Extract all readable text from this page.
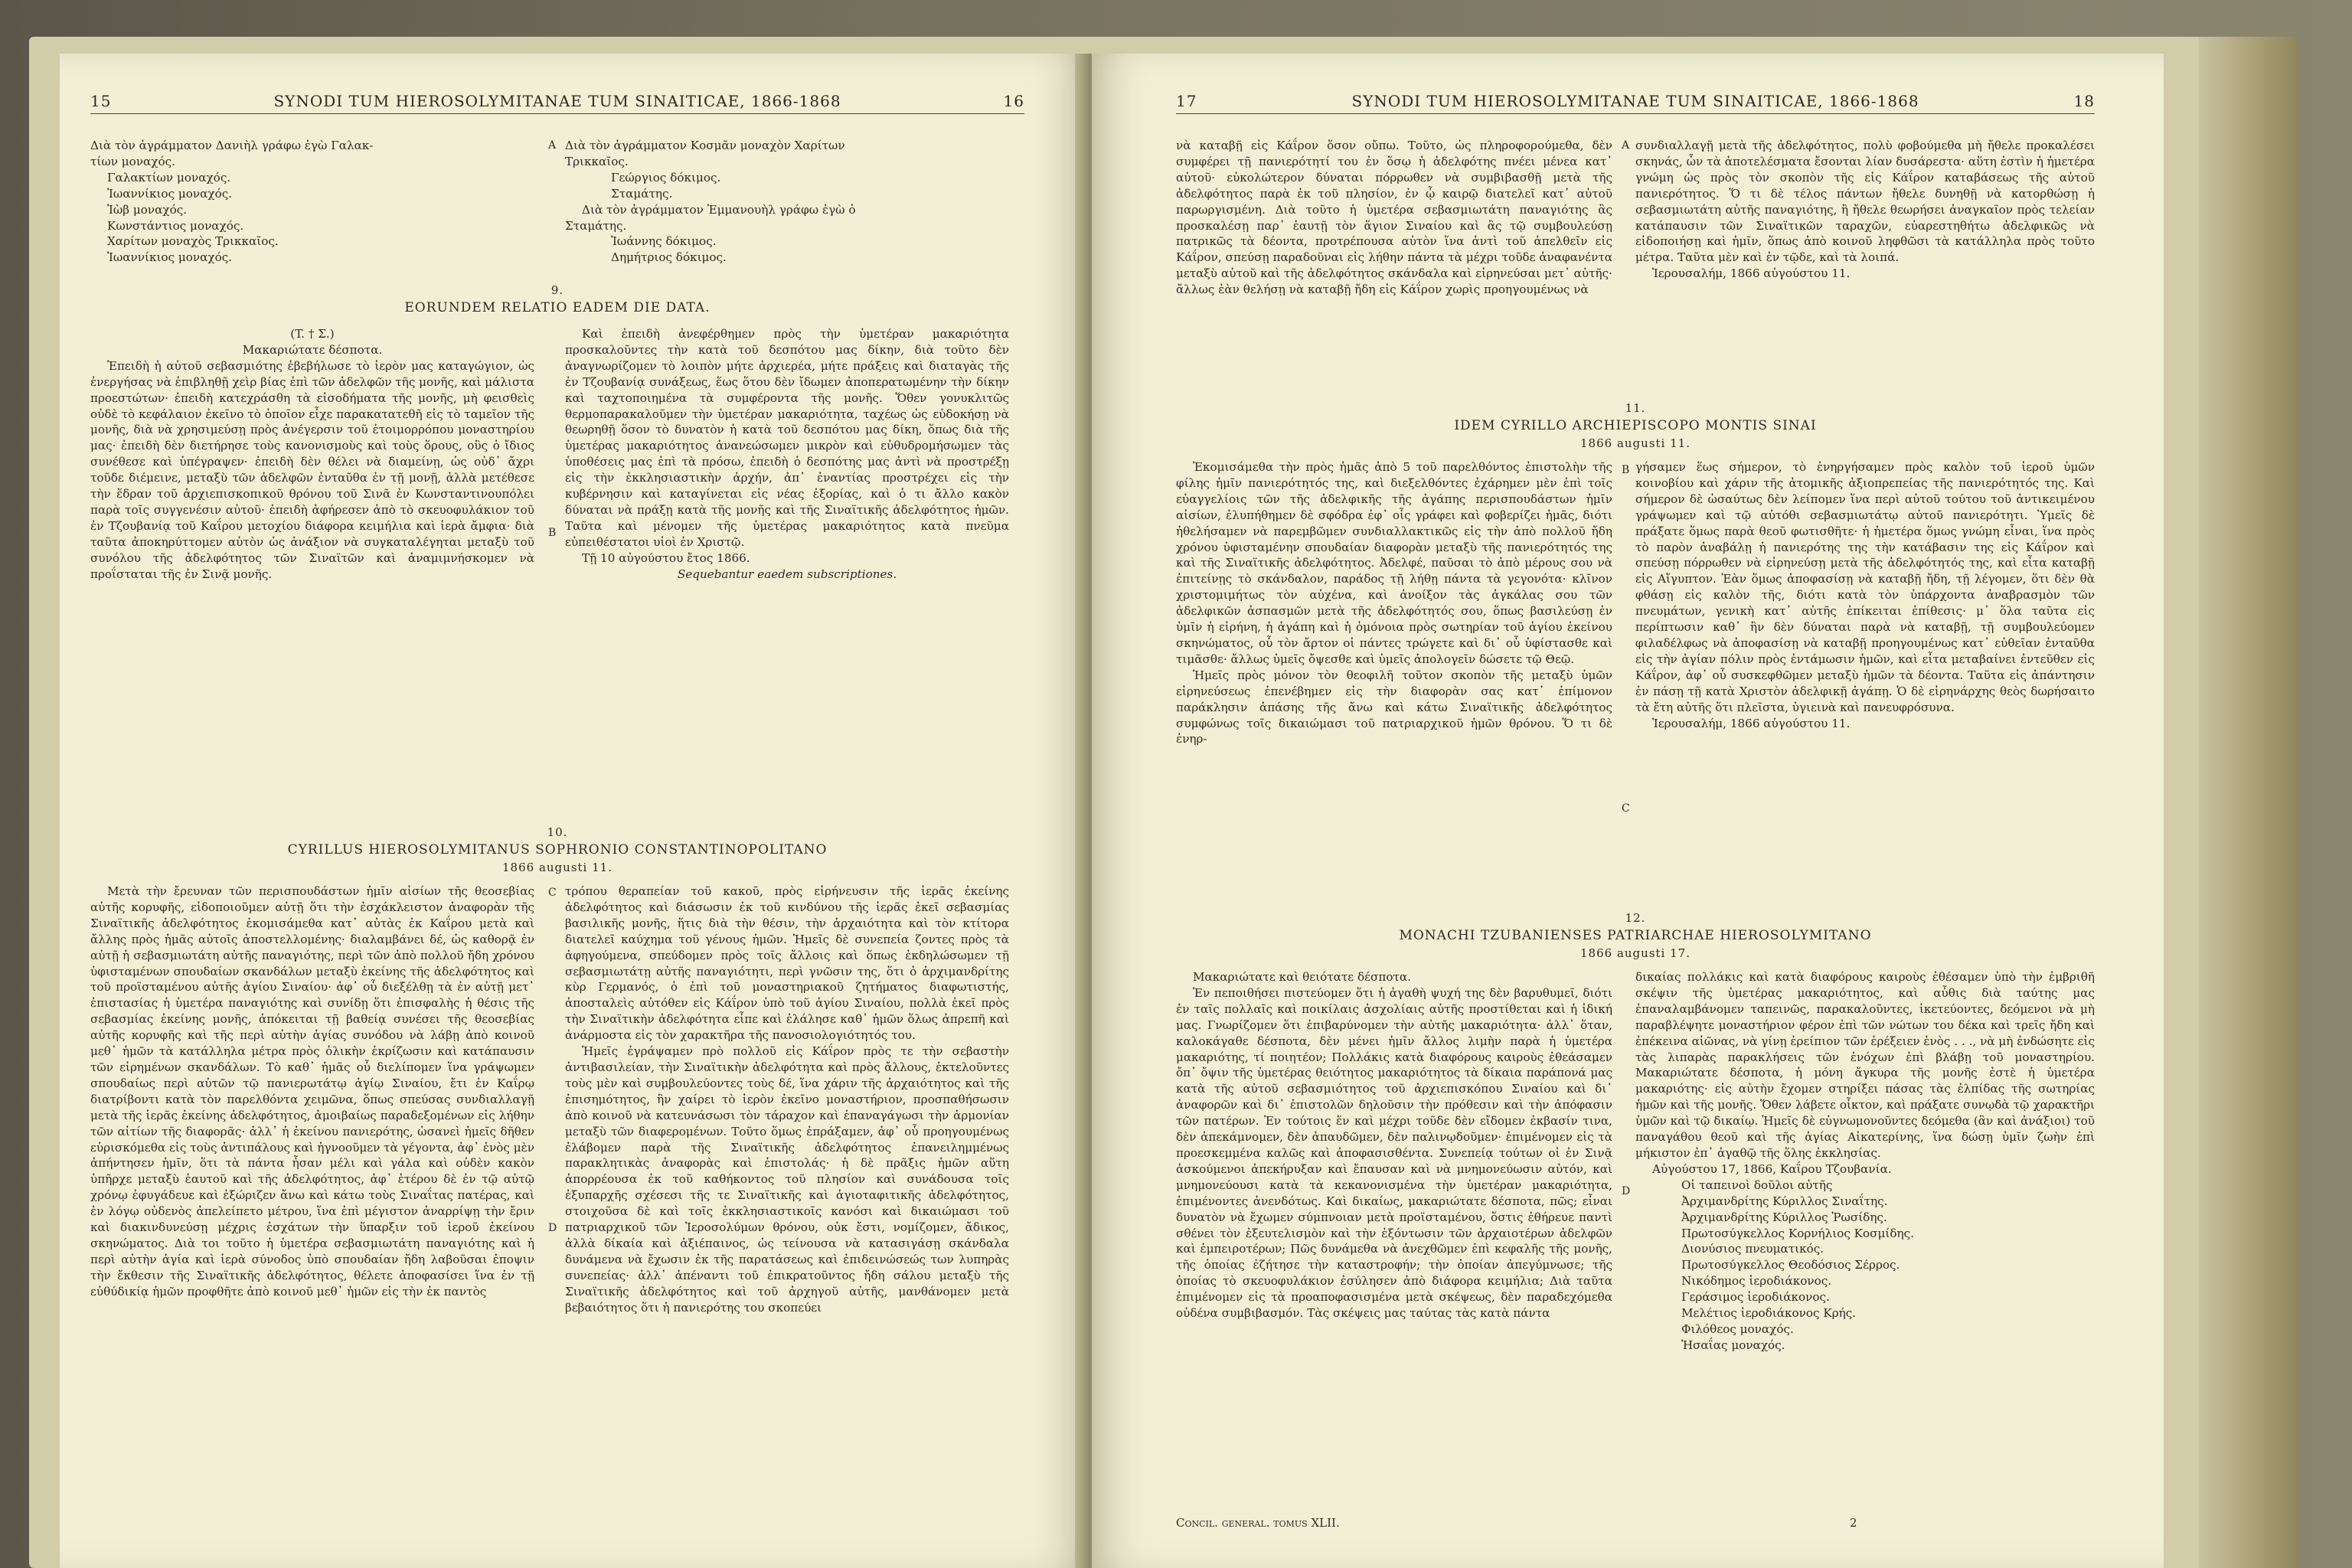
15	SYNODI TUM HIEROSOLYMITANAE TUM SINAITICAE, 1866-1868	16
Διὰ τὸν ἀγράμματον Δανιὴλ γράφω ἐγὼ Γαλακ-
τίων μοναχός.
Γαλακτίων μοναχός.
Ἰωαννίκιος μοναχός.
Ἰὼβ μοναχός.
Κωνστάντιος μοναχός.
Χαρίτων μοναχὸς Τρικκαῖος.
Ἰωαννίκιος μοναχός.
A Διὰ τὸν ἀγράμματον Κοσμᾶν μοναχὸν Χαρίτων
Τρικκαῖος.
Γεώργιος δόκιμος.
Σταμάτης.
Διὰ τὸν ἀγράμματον Ἐμμανουὴλ γράφω ἐγὼ ὁ
Σταμάτης.
Ἰωάννης δόκιμος.
Δημήτριος δόκιμος.
9.
EORUNDEM RELATIO EADEM DIE DATA.
(T. † Σ.)
Μακαριώτατε δέσποτα.

Ἐπειδὴ ἡ αὐτοῦ σεβασμιότης ἐβεβήλωσε τὸ ἱερὸν μας καταγώγιον, ὡς ἐνεργήσας νὰ ἐπιβληθῇ χεὶρ βίας ἐπὶ τῶν ἀδελφῶν τῆς μονῆς, καὶ μάλιστα προεστώτων· ἐπειδὴ κατεχράσθη τὰ εἰσοδήματα τῆς μονῆς, μὴ φεισθεὶς οὐδὲ τὸ κεφάλαιον ἐκεῖνο τὸ ὁποῖον εἶχε παρακατατεθῆ εἰς τὸ ταμεῖον τῆς μονῆς, διὰ νὰ χρησιμεύσῃ πρὸς ἀνέγερσιν τοῦ ἐτοιμορρόπου μοναστηρίου μας· ἐπειδὴ δὲν διετήρησε τοὺς κανονισμοὺς καὶ τοὺς ὅρους, οὓς ὁ ἴδιος συνέθεσε καὶ ὑπέγραψεν· ἐπειδὴ δὲν θέλει νὰ διαμείνῃ, ὡς οὐδ᾿ ἄχρι τοῦδε διέμεινε, μεταξὺ τῶν ἀδελφῶν ἐνταῦθα ἐν τῇ μονῇ, ἀλλὰ μετέθεσε τὴν ἕδραν τοῦ ἀρχιεπισκοπικοῦ θρόνου τοῦ Σινᾶ ἐν Κωνσταντινουπόλει παρὰ τοῖς συγγενέσιν αὐτοῦ· ἐπειδὴ ἀφήρεσεν ἀπὸ τὸ σκευοφυλάκιον τοῦ ἐν Τζουβανίᾳ τοῦ Καΐρου μετοχίου διάφορα κειμήλια καὶ ἱερὰ ἄμφια· διὰ ταῦτα ἀποκηρύττομεν αὐτὸν ὡς ἀνάξιον νὰ συγκαταλέγηται μεταξὺ τοῦ συνόλου τῆς ἀδελφότητος τῶν Σιναϊτῶν καὶ ἀναμιμνήσκομεν νὰ προΐσταται τῆς ἐν Σινᾷ μονῆς.

B

Καὶ ἐπειδὴ ἀνεφέρθημεν πρὸς τὴν ὑμετέραν μακαριότητα προσκαλοῦντες τὴν κατὰ τοῦ δεσπότου μας δίκην, διὰ τοῦτο δὲν ἀναγνωρίζομεν τὸ λοιπὸν μήτε ἀρχιερέα, μήτε πράξεις καὶ διαταγὰς τῆς ἐν Τζουβανίᾳ συνάξεως, ἕως ὅτου δὲν ἴδωμεν ἀποπερατωμένην τὴν δίκην καὶ ταχτοποιημένα τὰ συμφέροντα τῆς μονῆς. Ὅθεν γονυκλιτῶς θερμοπαρακαλοῦμεν τὴν ὑμετέραν μακαριότητα, ταχέως ὡς εὐδοκήσῃ νὰ θεωρηθῇ ὅσον τὸ δυνατὸν ἡ κατὰ τοῦ δεσπότου μας δίκη, ὅπως διὰ τῆς ὑμετέρας μακαριότητος ἀνανεώσωμεν μικρὸν καὶ εὐθυδρομήσωμεν τὰς ὑποθέσεις μας ἐπὶ τὰ πρόσω, ἐπειδὴ ὁ δεσπότης μας ἀντὶ νὰ προστρέξῃ εἰς τὴν ἐκκλησιαστικὴν ἀρχήν, ἀπ᾿ ἐναντίας προστρέχει εἰς τὴν κυβέρνησιν καὶ καταγίνεται εἰς νέας ἐξορίας, καὶ ὁ τι ἄλλο κακὸν δύναται νὰ πράξῃ κατὰ τῆς μονῆς καὶ τῆς Σιναϊτικῆς ἀδελφότητος ἡμῶν. Ταῦτα καὶ μένομεν τῆς ὑμετέρας μακαριότητος κατὰ πνεῦμα εὐπειθέστατοι υἱοὶ ἐν Χριστῷ.

Τῇ 10 αὐγούστου ἔτος 1866.

Sequebantur eaedem subscriptiones.
10.
CYRILLUS HIEROSOLYMITANUS SOPHRONIO CONSTANTINOPOLITANO
1866 augusti 11.

Μετὰ τὴν ἔρευναν τῶν περισπουδάστων ἡμῖν αἰσίων τῆς θεοσεβίας αὐτῆς κορυφῆς, εἰδοποιοῦμεν αὐτῇ ὅτι τὴν ἐσχάκλειστον ἀναφορὰν τῆς Σιναϊτικῆς ἀδελφότητος ἐκομισάμεθα κατ᾿ αὐτὰς ἐκ Καΐρου μετὰ καὶ ἄλλης πρὸς ἡμᾶς αὐτοῖς ἀποστελλομένης· διαλαμβάνει δέ, ὡς καθορᾷ ἐν αὐτῇ ἡ σεβασμιωτάτη αὐτῆς παναγιότης, περὶ τῶν ἀπὸ πολλοῦ ἤδη χρόνου ὑφισταμένων σπουδαίων σκανδάλων μεταξὺ ἐκείνης τῆς ἀδελφότητος καὶ τοῦ προϊσταμένου αὐτῆς ἁγίου Σιναίου· ἀφ᾿ οὗ διεξέλθῃ τὰ ἐν αὐτῇ μετ᾿ ἐπιστασίας ἡ ὑμετέρα παναγιότης καὶ συνίδῃ ὅτι ἐπισφαλὴς ἡ θέσις τῆς σεβασμίας ἐκείνης μονῆς, ἀπόκειται τῇ βαθείᾳ συνέσει τῆς θεοσεβίας αὐτῆς κορυφῆς καὶ τῆς περὶ αὐτὴν ἁγίας συνόδου νὰ λάβῃ ἀπὸ κοινοῦ μεθ᾿ ἡμῶν τὰ κατάλληλα μέτρα πρὸς ὁλικὴν ἐκρίζωσιν καὶ κατάπαυσιν τῶν εἰρημένων σκανδάλων. Τὸ καθ᾿ ἡμᾶς οὖ διελίπομεν ἵνα γράψωμεν σπουδαίως περὶ αὐτῶν τῷ πανιερωτάτῳ ἁγίῳ Σιναίου, ἔτι ἐν Καΐρῳ διατρίβοντι κατὰ τὸν παρελθόντα χειμῶνα, ὅπως σπεύσας συνδιαλλαγῇ μετὰ τῆς ἱερᾶς ἐκείνης ἀδελφότητος, ἀμοιβαίως παραδεξομένων εἰς λήθην τῶν αἰτίων τῆς διαφορᾶς· ἀλλ᾿ ἡ ἐκείνου πανιερότης, ὡσανεὶ ἡμεῖς δῆθεν εὑρισκόμεθα εἰς τοὺς ἀντιπάλους καὶ ἠγνοοῦμεν τὰ γέγοντα, ἀφ᾿ ἑνὸς μὲν ἀπήντησεν ἡμῖν, ὅτι τὰ πάντα ἦσαν μέλι καὶ γάλα καὶ οὐδὲν κακὸν ὑπῆρχε μεταξὺ ἑαυτοῦ καὶ τῆς ἀδελφότητος, ἀφ᾿ ἑτέρου δὲ ἐν τῷ αὐτῷ χρόνῳ ἐφυγάδευε καὶ ἐξώριζεν ἄνω καὶ κάτω τοὺς Σιναΐτας πατέρας, καὶ ἐν λόγῳ οὐδενὸς ἀπελείπετο μέτρου, ἵνα ἐπὶ μέγιστον ἀναρρίψῃ τὴν ἔριν καὶ διακινδυνεύσῃ μέχρις ἐσχάτων τὴν ὕπαρξιν τοῦ ἱεροῦ ἐκείνου σκηνώματος. Διὰ τοι τοῦτο ἡ ὑμετέρα σεβασμιωτάτη παναγιότης καὶ ἡ περὶ αὐτὴν ἁγία καὶ ἱερὰ σύνοδος ὑπὸ σπουδαίαν ἤδη λαβοῦσαι ἐποψιν τὴν ἔκθεσιν τῆς Σιναϊτικῆς ἀδελφότητος, θέλετε ἀποφασίσει ἵνα ἐν τῇ εὐθύδικίᾳ ἡμῶν προφθῆτε ἀπὸ κοινοῦ μεθ᾿ ἡμῶν εἰς τὴν ἐκ παντὸς

C
D

τρόπου θεραπείαν τοῦ κακοῦ, πρὸς εἰρήνευσιν τῆς ἱερᾶς ἐκείνης ἀδελφότητος καὶ διάσωσιν ἐκ τοῦ κινδύνου τῆς ἱερᾶς ἐκεῖ σεβασμίας βασιλικῆς μονῆς, ἥτις διὰ τὴν θέσιν, τὴν ἀρχαιότητα καὶ τὸν κτίτορα διατελεῖ καύχημα τοῦ γένους ἡμῶν. Ἡμεῖς δὲ συνεπεία ζοντες πρὸς τὰ ἀφηγούμενα, σπεύδομεν πρὸς τοῖς ἄλλοις καὶ ὅπως ἐκδηλώσωμεν τῇ σεβασμιωτάτῃ αὐτῆς παναγιότητι, περὶ γνῶσιν της, ὅτι ὁ ἀρχιμανδρίτης κὺρ Γερμανός, ὁ ἐπὶ τοῦ μοναστηριακοῦ ζητήματος διαφωτιστής, ἀποσταλεὶς αὐτόθεν εἰς Κάΐρον ὑπὸ τοῦ ἁγίου Σιναίου, πολλὰ ἐκεῖ πρὸς τὴν Σιναϊτικὴν ἀδελφότητα εἶπε καὶ ἐλάλησε καθ᾿ ἡμῶν ὅλως ἀπρεπῆ καὶ ἀνάρμοστα εἰς τὸν χαρακτῆρα τῆς πανοσιολογιότητός του.

Ἡμεῖς ἐγράψαμεν πρὸ πολλοῦ εἰς Κάΐρον πρὸς τε τὴν σεβαστὴν ἀντιβασιλείαν, τὴν Σιναϊτικὴν ἀδελφότητα καὶ πρὸς ἄλλους, ἐκτελοῦντες τοὺς μὲν καὶ συμβουλεύοντες τοὺς δέ, ἵνα χάριν τῆς ἀρχαιότητος καὶ τῆς ἐπισημότητος, ἣν χαίρει τὸ ἱερὸν ἐκεῖνο μοναστήριον, προσπαθήσωσιν ἀπὸ κοινοῦ νὰ κατευνάσωσι τὸν τάραχον καὶ ἐπαναγάγωσι τὴν ἁρμονίαν μεταξὺ τῶν διαφερομένων. Τοῦτο ὅμως ἐπράξαμεν, ἀφ᾿ οὗ προηγουμένως ἐλάβομεν παρὰ τῆς Σιναϊτικῆς ἀδελφότητος ἐπανειλημμένως παρακλητικὰς ἀναφορὰς καὶ ἐπιστολάς· ἡ δὲ πρᾶξις ἡμῶν αὕτη ἀπορρέουσα ἐκ τοῦ καθήκοντος τοῦ πλησίον καὶ συνάδουσα τοῖς ἐξυπαρχῆς σχέσεσι τῆς τε Σιναϊτικῆς καὶ ἁγιοταφιτικῆς ἀδελφότητος, στοιχοῦσα δὲ καὶ τοῖς ἐκκλησιαστικοῖς κανόσι καὶ δικαιώμασι τοῦ πατριαρχικοῦ τῶν Ἱεροσολύμων θρόνου, οὐκ ἔστι, νομίζομεν, ἄδικος, ἀλλὰ δίκαία καὶ ἀξιέπαινος, ὡς τείνουσα νὰ κατασιγάσῃ σκάνδαλα δυνάμενα νὰ ἔχωσιν ἐκ τῆς παρατάσεως καὶ ἐπιδεινώσεώς των λυπηρὰς συνεπείας· ἀλλ᾿ ἀπέναντι τοῦ ἐπικρατοῦντος ἤδη σάλου μεταξὺ τῆς Σιναϊτικῆς ἀδελφότητος καὶ τοῦ ἀρχηγοῦ αὐτῆς, μανθάνομεν μετὰ βεβαιότητος ὅτι ἡ πανιερότης του σκοπεύει

17	SYNODI TUM HIEROSOLYMITANAE TUM SINAITICAE, 1866-1868	18

νὰ καταβῇ εἰς Κάΐρον ὅσον οὔπω. Τοῦτο, ὡς πληροφορούμεθα, δὲν συμφέρει τῇ πανιερότητί του ἐν ὅσῳ ἡ ἀδελφότης πνέει μένεα κατ᾿ αὐτοῦ· εὐκολώτερον δύναται πόρρωθεν νὰ συμβιβασθῇ μετὰ τῆς ἀδελφότητος παρὰ ἐκ τοῦ πλησίον, ἐν ᾧ καιρῷ διατελεῖ κατ᾿ αὐτοῦ παρωργισμένη. Διὰ τοῦτο ἡ ὑμετέρα σεβασμιωτάτη παναγιότης ἂς προσκαλέσῃ παρ᾿ ἑαυτῇ τὸν ἅγιον Σιναίου καὶ ἂς τῷ συμβουλεύσῃ πατρικῶς τὰ δέοντα, προτρέπουσα αὐτὸν ἵνα ἀντὶ τοῦ ἀπελθεῖν εἰς Κάΐρον, σπεύσῃ παραδοῦναι εἰς λήθην πάντα τὰ μέχρι τοῦδε ἀναφανέντα μεταξὺ αὐτοῦ καὶ τῆς ἀδελφότητος σκάνδαλα καὶ εἰρηνεύσαι μετ᾿ αὐτῆς· ἄλλως ἐὰν θελήσῃ νὰ καταβῇ ἤδη εἰς Κάΐρον χωρὶς προηγουμένως νὰ

A συνδιαλλαγῇ μετὰ τῆς ἀδελφότητος, πολὺ φοβούμεθα μὴ ἤθελε προκαλέσει σκηνάς, ὧν τὰ ἀποτελέσματα ἔσονται λίαν δυσάρεστα· αὕτη ἐστὶν ἡ ἡμετέρα γνώμη ὡς πρὸς τὸν σκοπὸν τῆς εἰς Κάΐρον καταβάσεως τῆς αὐτοῦ πανιερότητος. Ὅ τι δὲ τέλος πάντων ἤθελε δυνηθῇ νὰ κατορθώσῃ ἡ σεβασμιωτάτη αὐτῆς παναγιότης, ἢ ἤθελε θεωρήσει ἀναγκαῖον πρὸς τελείαν κατάπαυσιν τῶν Σιναϊτικῶν ταραχῶν, εὐαρεστηθήτω ἀδελφικῶς νὰ εἰδοποιήσῃ καὶ ἡμῖν, ὅπως ἀπὸ κοινοῦ ληφθῶσι τὰ κατάλληλα πρὸς τοῦτο μέτρα. Ταῦτα μὲν καὶ ἐν τῷδε, καὶ τὰ λοιπά.

Ἱερουσαλήμ, 1866 αὐγούστου 11.

11.
IDEM CYRILLO ARCHIEPISCOPO MONTIS SINAI
1866 augusti 11.

Ἐκομισάμεθα τὴν πρὸς ἡμᾶς ἀπὸ 5 τοῦ παρελθόντος ἐπιστολὴν τῆς φίλης ἡμῖν πανιερότητός της, καὶ διεξελθόντες ἐχάρημεν μὲν ἐπὶ τοῖς εὐαγγελίοις τῶν τῆς ἀδελφικῆς τῆς ἀγάπης περισπουδάστων ἡμῖν αἰσίων, ἐλυπήθημεν δὲ σφόδρα ἐφ᾿ οἷς γράφει καὶ φοβερίζει ἡμᾶς, διότι ἠθελήσαμεν νὰ παρεμβῶμεν συνδιαλλακτικῶς εἰς τὴν ἀπὸ πολλοῦ ἤδη χρόνου ὑφισταμένην σπουδαίαν διαφορὰν μεταξὺ τῆς πανιερότητός της καὶ τῆς Σιναϊτικῆς ἀδελφότητος. Ἀδελφέ, παῦσαι τὸ ἀπὸ μέρους σου νὰ ἐπιτείνῃς τὸ σκάνδαλον, παράδος τῇ λήθῃ πάντα τὰ γεγονότα· κλῖνον χριστομιμήτως τὸν αὐχένα, καὶ ἀνοίξον τὰς ἀγκάλας σου τῶν ἀδελφικῶν ἀσπασμῶν μετὰ τῆς ἀδελφότητός σου, ὅπως βασιλεύσῃ ἐν ὑμῖν ἡ εἰρήνη, ἡ ἀγάπη καὶ ἡ ὁμόνοια πρὸς σωτηρίαν τοῦ ἁγίου ἐκείνου σκηνώματος, οὗ τὸν ἄρτον οἱ πάντες τρώγετε καὶ δι᾿ οὗ ὑφίστασθε καὶ τιμᾶσθε· ἄλλως ὑμεῖς ὄψεσθε καὶ ὑμεῖς ἀπολογεῖν δώσετε τῷ Θεῷ.

Ἡμεῖς πρὸς μόνον τὸν θεοφιλῆ τοῦτον σκοπὸν τῆς μεταξὺ ὑμῶν εἰρηνεύσεως ἐπενέβημεν εἰς τὴν διαφορὰν σας κατ᾿ ἐπίμονον παράκλησιν ἁπάσης τῆς ἄνω καὶ κάτω Σιναϊτικῆς ἀδελφότητος συμφώνως τοῖς δικαιώμασι τοῦ πατριαρχικοῦ ἡμῶν θρόνου. Ὅ τι δὲ ἐνηρ-

B
C

γήσαμεν ἕως σήμερον, τὸ ἐνηργήσαμεν πρὸς καλὸν τοῦ ἱεροῦ ὑμῶν κοινοβίου καὶ χάριν τῆς ἀτομικῆς ἀξιοπρεπείας τῆς πανιερότητός της. Καὶ σήμερον δὲ ὡσαύτως δὲν λείπομεν ἵνα περὶ αὐτοῦ τούτου τοῦ ἀντικειμένου γράψωμεν καὶ τῷ αὐτόθι σεβασμιωτάτῳ αὐτοῦ πανιερότητι. Ὑμεῖς δὲ πράξατε ὅμως παρὰ θεοῦ φωτισθῆτε· ἡ ἡμετέρα ὅμως γνώμη εἶναι, ἵνα πρὸς τὸ παρὸν ἀναβάλῃ ἡ πανιερότης της τὴν κατάβασιν της εἰς Κάΐρον καὶ σπεύσῃ πόρρωθεν νὰ εἰρηνεύσῃ μετὰ τῆς ἀδελφότητός της, καὶ εἶτα καταβῇ εἰς Αἴγυπτον. Ἐὰν ὅμως ἀποφασίσῃ νὰ καταβῇ ἤδη, τῇ λέγομεν, ὅτι δὲν θὰ φθάσῃ εἰς καλὸν τῆς, διότι κατὰ τὸν ὑπάρχοντα ἀναβρασμὸν τῶν πνευμάτων, γενικὴ κατ᾿ αὐτῆς ἐπίκειται ἐπίθεσις· μ᾿ ὅλα ταῦτα εἰς περίπτωσιν καθ᾿ ἣν δὲν δύναται παρὰ νὰ καταβῇ, τῇ συμβουλεύομεν φιλαδέλφως νὰ ἀποφασίσῃ νὰ καταβῇ προηγουμένως κατ᾿ εὐθεῖαν ἐνταῦθα εἰς τὴν ἁγίαν πόλιν πρὸς ἐντάμωσιν ἡμῶν, καὶ εἶτα μεταβαίνει ἐντεῦθεν εἰς Κάΐρον, ἀφ᾿ οὗ συσκεφθῶμεν μεταξὺ ἡμῶν τὰ δέοντα. Ταῦτα εἰς ἀπάντησιν ἐν πάσῃ τῇ κατὰ Χριστὸν ἀδελφικῇ ἀγάπῃ. Ὁ δὲ εἰρηνάρχης θεὸς δωρήσαιτο τὰ ἔτη αὐτῆς ὅτι πλεῖστα, ὑγιεινὰ καὶ πανευφρόσυνα.

Ἱερουσαλήμ, 1866 αὐγούστου 11.

12.
MONACHI TZUBANIENSES PATRIARCHAE HIEROSOLYMITANO
1866 augusti 17.

Μακαριώτατε καὶ θειότατε δέσποτα.

Ἐν πεποιθήσει πιστεύομεν ὅτι ἡ ἀγαθὴ ψυχή της δὲν βαρυθυμεῖ, διότι ἐν ταῖς πολλαῖς καὶ ποικίλαις ἀσχολίαις αὐτῆς προστίθεται καὶ ἡ ἰδική μας. Γνωρίζομεν ὅτι ἐπιβαρύνομεν τὴν αὐτῆς μακαριότητα· ἀλλ᾿ ὅταν, καλοκάγαθε δέσποτα, δὲν μένει ἡμῖν ἄλλος λιμὴν παρὰ ἡ ὑμετέρα μακαριότης, τί ποιητέον; Πολλάκις κατὰ διαφόρους καιροὺς ἐθεάσαμεν ὄπ᾿ ὄψιν τῆς ὑμετέρας θειότητος μακαριότητος τὰ δίκαια παράπονά μας κατὰ τῆς αὐτοῦ σεβασμιότητος τοῦ ἀρχιεπισκόπου Σιναίου καὶ δι᾿ ἀναφορῶν καὶ δι᾿ ἐπιστολῶν δηλοῦσιν τὴν πρόθεσιν καὶ τὴν ἀπόφασιν τῶν πατέρων. Ἐν τούτοις ἕν καὶ μέχρι τοῦδε δὲν εἴδομεν ἐκβασίν τινα, δὲν ἀπεκάμνομεν, δὲν ἀπαυδῶμεν, δὲν παλινῳδοῦμεν· ἐπιμένομεν εἰς τὰ προεσκεμμένα καλῶς καὶ ἀποφασισθέντα. Συνεπείᾳ τούτων οἱ ἐν Σινᾷ ἀσκούμενοι ἀπεκήρυξαν καὶ ἔπαυσαν καὶ νὰ μνημονεύωσιν αὐτόν, καὶ μνημονεύουσι κατὰ τὰ κεκανονισμένα τὴν ὑμετέραν μακαριότητα, ἐπιμένοντες ἀνενδότως. Καὶ δικαίως, μακαριώτατε δέσποτα, πῶς; εἶναι δυνατὸν νὰ ἔχωμεν σύμπνοιαν μετὰ προϊσταμένου, ὅστις ἐθήρευε παντὶ σθένει τὸν ἐξευτελισμὸν καὶ τὴν ἐξόντωσιν τῶν ἀρχαιοτέρων ἀδελφῶν καὶ ἐμπειροτέρων; Πῶς δυνάμεθα νὰ ἀνεχθῶμεν ἐπὶ κεφαλῆς τῆς μονῆς, τῆς ὁποίας ἐζήτησε τὴν καταστροφήν; τὴν ὁποίαν ἀπεγύμνωσε; τῆς ὁποίας τὸ σκευοφυλάκιον ἐσύλησεν ἀπὸ διάφορα κειμήλια; Διὰ ταῦτα ἐπιμένομεν εἰς τὰ προαποφασισμένα μετὰ σκέψεως, δὲν παραδεχόμεθα οὐδένα συμβιβασμόν. Τὰς σκέψεις μας ταύτας τὰς κατὰ πάντα

D

δικαίας πολλάκις καὶ κατὰ διαφόρους καιροὺς ἐθέσαμεν ὑπὸ τὴν ἐμβριθῆ σκέψιν τῆς ὑμετέρας μακαριότητος, καὶ αὖθις διὰ ταύτης μας ἐπαναλαμβάνομεν ταπεινῶς, παρακαλοῦντες, ἱκετεύοντες, δεόμενοι νὰ μὴ παραβλέψητε μοναστήριον φέρον ἐπὶ τῶν νώτων του δέκα καὶ τρεῖς ἤδη καὶ ἐπέκεινα αἰῶνας, νὰ γίνῃ ἐρείπιον τῶν ἐρέξειεν ἑνὸς . . ., νὰ μὴ ἐνδώσητε εἰς τὰς λιπαρὰς παρακλήσεις τῶν ἐνόχων ἐπὶ βλάβῃ τοῦ μοναστηρίου. Μακαριώτατε δέσποτα, ἡ μόνη ἄγκυρα τῆς μονῆς ἐστὲ ἡ ὑμετέρα μακαριότης· εἰς αὐτὴν ἔχομεν στηρίξει πάσας τὰς ἐλπίδας τῆς σωτηρίας ἡμῶν καὶ τῆς μονῆς. Ὅθεν λάβετε οἶκτον, καὶ πράξατε συνῳδὰ τῷ χαρακτῆρι ὑμῶν καὶ τῷ δικαίῳ. Ἡμεῖς δὲ εὐγνωμονοῦντες δεόμεθα (ἂν καὶ ἀνάξιοι) τοῦ παναγάθου θεοῦ καὶ τῆς ἁγίας Αἰκατερίνης, ἵνα δώσῃ ὑμῖν ζωὴν ἐπὶ μήκιστον ἐπ᾿ ἀγαθῷ τῆς ὅλης ἐκκλησίας.

Αὐγούστου 17, 1866, Καΐρου Τζουβανία.

Οἱ ταπεινοὶ δοῦλοι αὐτῆς
Ἀρχιμανδρίτης Κύριλλος Σιναΐτης.
Ἀρχιμανδρίτης Κύριλλος Ῥωσίδης.
Πρωτοσύγκελλος Κορνήλιος Κοσμίδης.
Διονύσιος πνευματικός.
Πρωτοσύγκελλος Θεοδόσιος Σέρρος.
Νικόδημος ἱεροδιάκονος.
Γεράσιμος ἱεροδιάκονος.
Μελέτιος ἱεροδιάκονος Κρής.
Φιλόθεος μοναχός.
Ἠσαΐας μοναχός.
Concil. general. tomus XLII.	2
